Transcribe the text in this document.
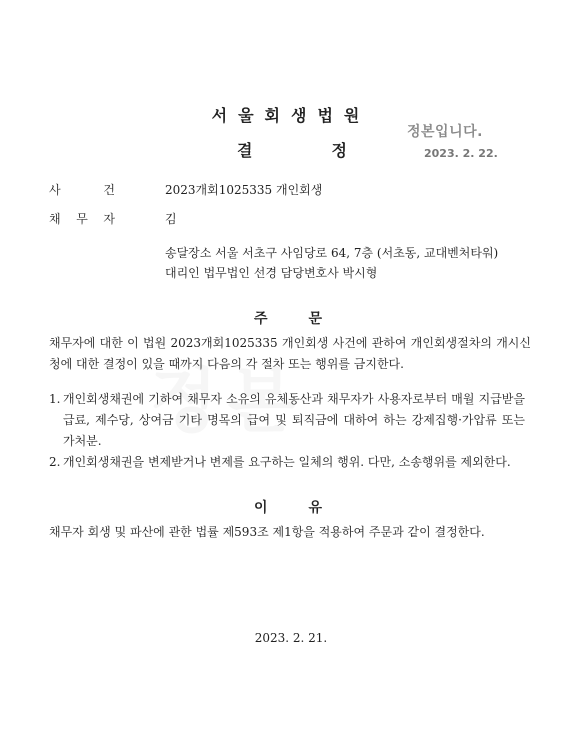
서울회생법원
결	정
정본입니다.
2023. 2. 22.
사	건	2023개회1025335 개인회생
채 무 자	김
송달장소 서울 서초구 사임당로 64, 7층 (서초동, 교대벤처타워)
대리인 법무법인 선경 담당변호사 박시형
주	문
채무자에 대한 이 법원 2023개회1025335 개인회생 사건에 관하여 개인회생절차의 개시신청에 대한 결정이 있을 때까지 다음의 각 절차 또는 행위를 금지한다.
1. 개인회생채권에 기하여 채무자 소유의 유체동산과 채무자가 사용자로부터 매월 지급받을 급료, 제수당, 상여금 기타 명목의 급여 및 퇴직금에 대하여 하는 강제집행·가압류 또는 가처분.
2. 개인회생채권을 변제받거나 변제를 요구하는 일체의 행위. 다만, 소송행위를 제외한다.
이	유
채무자 회생 및 파산에 관한 법률 제593조 제1항을 적용하여 주문과 같이 결정한다.
2023. 2. 21.
